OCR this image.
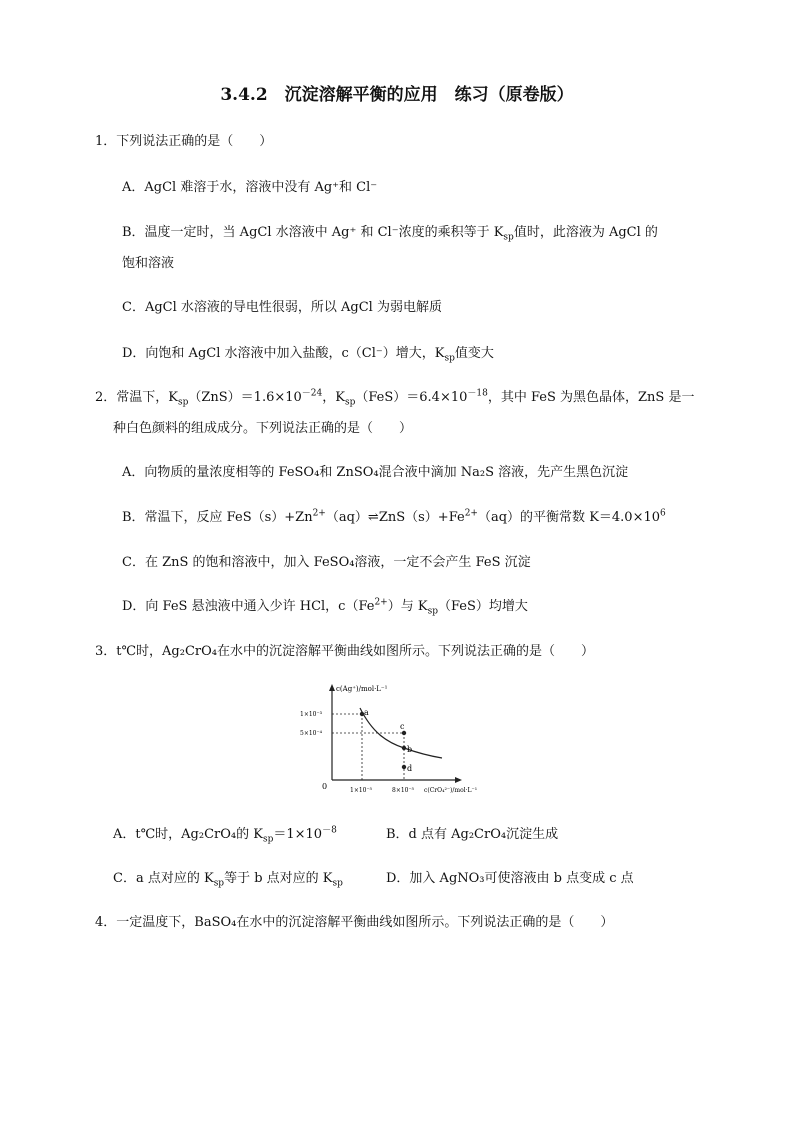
3.4.2　沉淀溶解平衡的应用　练习（原卷版）
1．下列说法正确的是（　　）
A．AgCl 难溶于水，溶液中没有 Ag⁺和 Cl⁻
B．温度一定时，当 AgCl 水溶液中 Ag⁺ 和 Cl⁻浓度的乘积等于 $K_{sp}$值时，此溶液为 AgCl 的
饱和溶液
C．AgCl 水溶液的导电性很弱，所以 AgCl 为弱电解质
D．向饱和 AgCl 水溶液中加入盐酸，c（Cl⁻）增大，$K_{sp}$值变大
2．常温下，$K_{sp}(ZnS)=1.6\times 10^{-24}$，$K_{sp}(FeS)=6.4\times 10^{-18}$，其中 FeS 为黑色晶体，ZnS 是一
种白色颜料的组成成分。下列说法正确的是（　　）
A．向物质的量浓度相等的 FeSO₄和 ZnSO₄混合液中滴加 Na₂S 溶液，先产生黑色沉淀
B．常温下，反应 $FeS(s)+Zn^{2+}(aq)\rightleftharpoons ZnS(s)+Fe^{2+}(aq)$的平衡常数 $K=4.0\times 10^6$
C．在 ZnS 的饱和溶液中，加入 FeSO₄溶液，一定不会产生 FeS 沉淀
D．向 FeS 悬浊液中通入少许 HCl，$c(Fe^{2+})$与 $K_{sp}(FeS)$均增大
3．t℃时，Ag₂CrO₄在水中的沉淀溶解平衡曲线如图所示。下列说法正确的是（　　）
a
c
b
d
c(Ag⁺)/mol·L⁻¹
1×10⁻³
5×10⁻⁴
0	1×10⁻⁵	8×10⁻⁵ c(CrO₄²⁻)/mol·L⁻¹
A．t℃时，Ag₂CrO₄的 $K_{sp}=1\times 10^{-8}$	B．d 点有 Ag₂CrO₄沉淀生成
C．a 点对应的 $K_{sp}$等于 b 点对应的 $K_{sp}$	D．加入 AgNO₃可使溶液由 b 点变成 c 点
4．一定温度下，BaSO₄在水中的沉淀溶解平衡曲线如图所示。下列说法正确的是（　　）
